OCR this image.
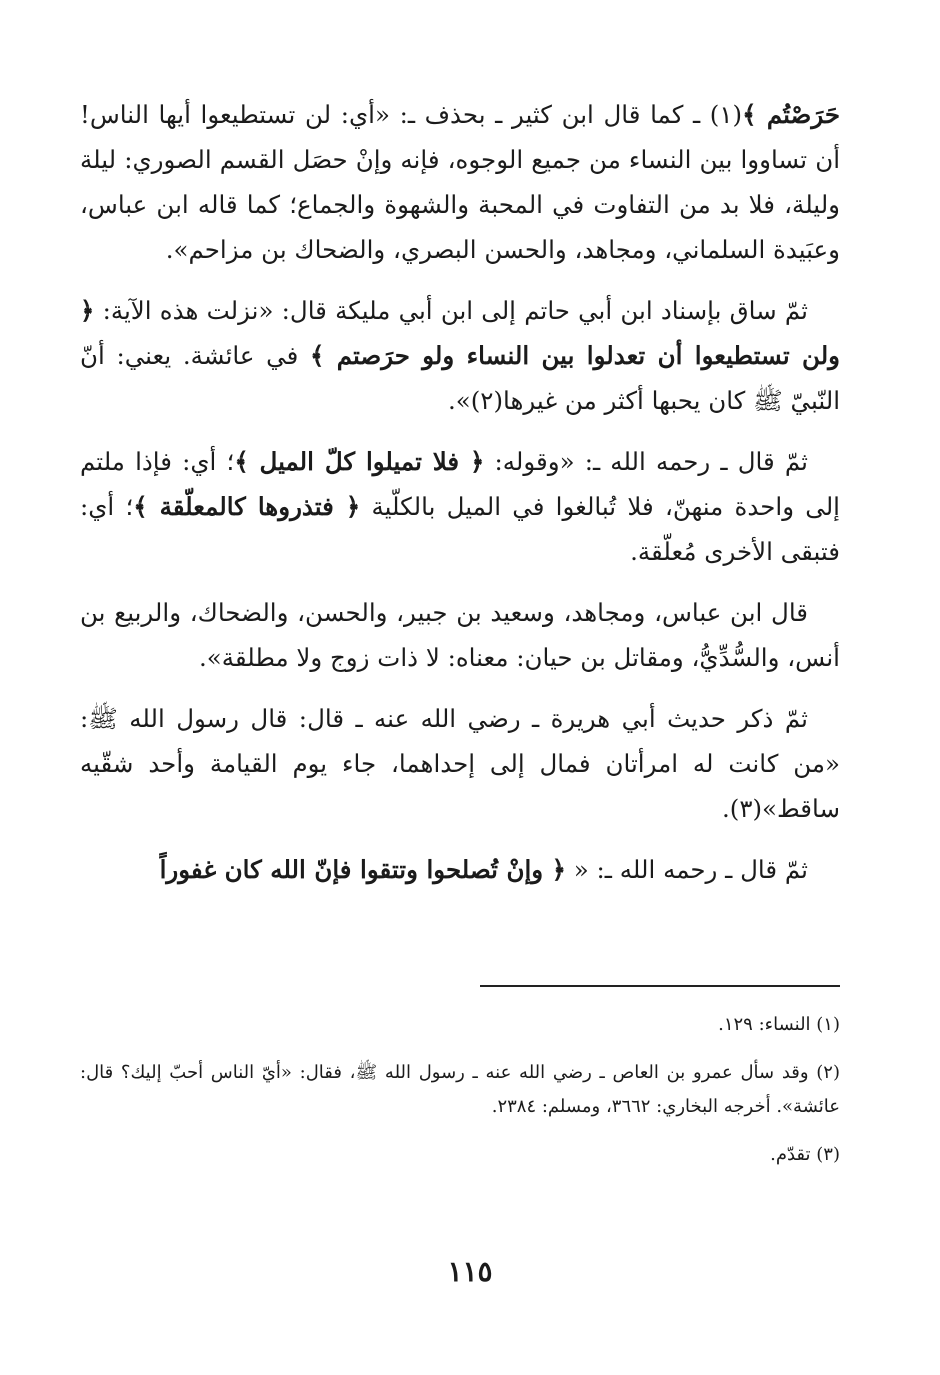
حَرَصْتُم ﴾(١) ـ كما قال ابن كثير ـ بحذف ـ: «أي: لن تستطيعوا أيها الناس! أن تساووا بين النساء من جميع الوجوه، فإنه وإنْ حصَل القسم الصوري: ليلة وليلة، فلا بد من التفاوت في المحبة والشهوة والجماع؛ كما قاله ابن عباس، وعبَيدة السلماني، ومجاهد، والحسن البصري، والضحاك بن مزاحم».

ثمّ ساق بإسناد ابن أبي حاتم إلى ابن أبي مليكة قال: «نزلت هذه الآية: ﴿ ولن تستطيعوا أن تعدلوا بين النساء ولو حرَصتم ﴾ في عائشة. يعني: أنّ النّبيّ ﷺ كان يحبها أكثر من غيرها(٢)».

ثمّ قال ـ رحمه الله ـ: «وقوله: ﴿ فلا تميلوا كلّ الميل ﴾؛ أي: فإذا ملتم إلى واحدة منهنّ، فلا تُبالغوا في الميل بالكلّية ﴿ فتذروها كالمعلّقة ﴾؛ أي: فتبقى الأخرى مُعلّقة.

قال ابن عباس، ومجاهد، وسعيد بن جبير، والحسن، والضحاك، والربيع بن أنس، والسُّدِّيُّ، ومقاتل بن حيان: معناه: لا ذات زوج ولا مطلقة».

ثمّ ذكر حديث أبي هريرة ـ رضي الله عنه ـ قال: قال رسول الله ﷺ: «من كانت له امرأتان فمال إلى إحداهما، جاء يوم القيامة وأحد شقّيه ساقط»(٣).

ثمّ قال ـ رحمه الله ـ: « ﴿ وإنْ تُصلحوا وتتقوا فإنّ الله كان غفوراً

(١) النساء: ١٢٩.

(٢) وقد سأل عمرو بن العاص ـ رضي الله عنه ـ رسول الله ﷺ، فقال: «أيّ الناس أحبّ إليك؟ قال: عائشة». أخرجه البخاري: ٣٦٦٢، ومسلم: ٢٣٨٤.

(٣) تقدّم.

١١٥
